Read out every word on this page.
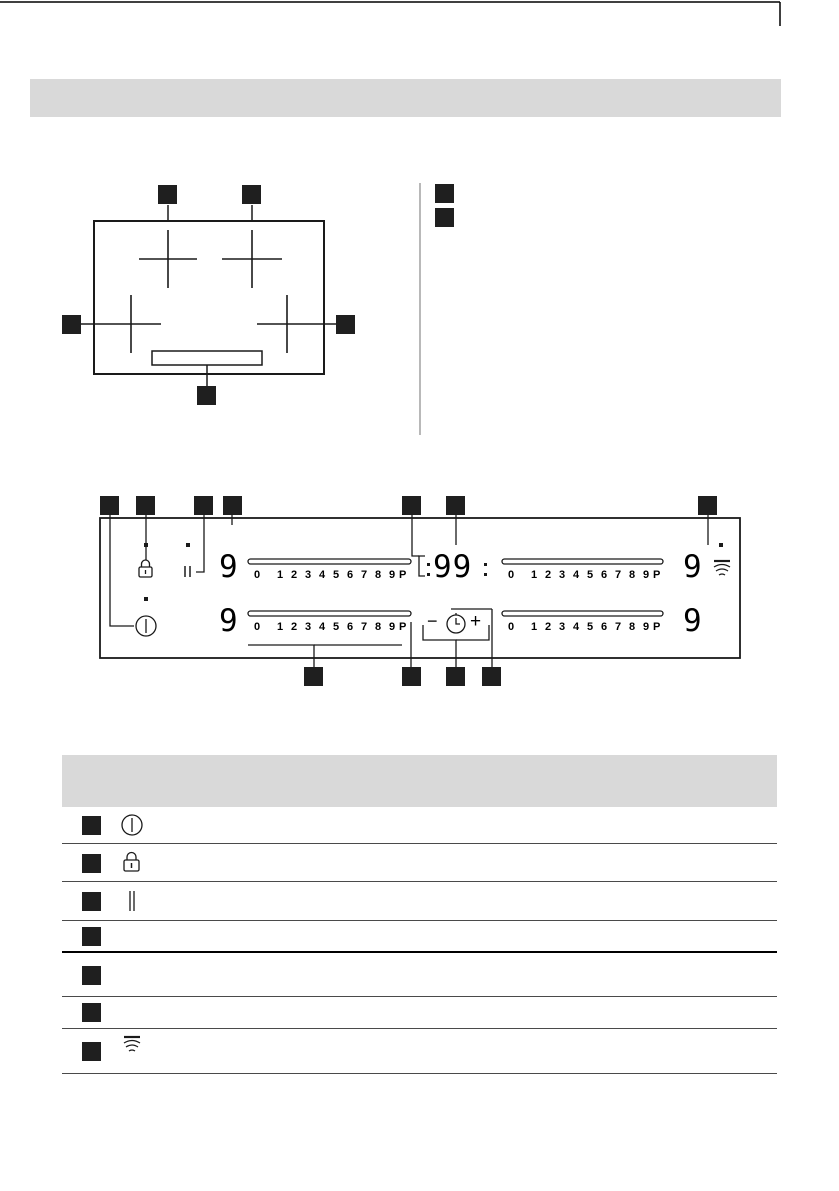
9
9
9
9
99
− +
0 1 2 3 4 5 6 7 8 9 P
0 1 2 3 4 5 6 7 8 9 P
0 1 2 3 4 5 6 7 8 9 P
0 1 2 3 4 5 6 7 8 9 P
